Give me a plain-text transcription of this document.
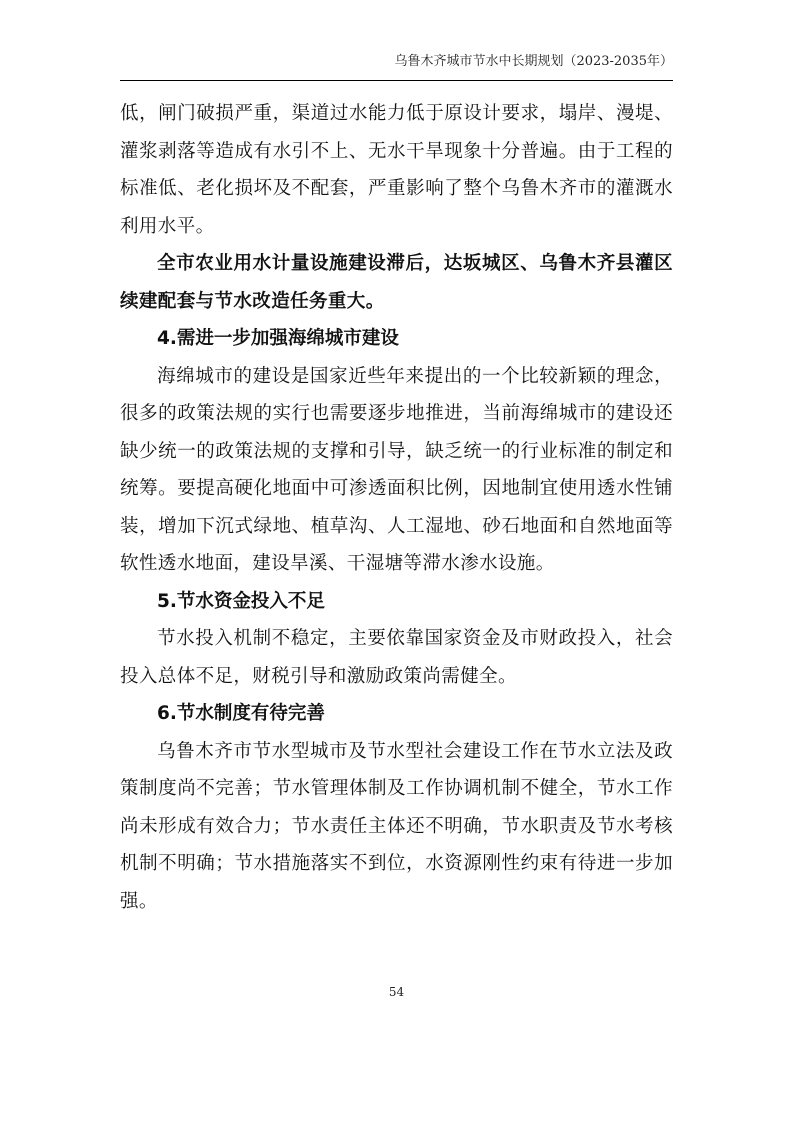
乌鲁木齐城市节水中长期规划（2023-2035年）

低，闸门破损严重，渠道过水能力低于原设计要求，塌岸、漫堤、灌浆剥落等造成有水引不上、无水干旱现象十分普遍。由于工程的标准低、老化损坏及不配套，严重影响了整个乌鲁木齐市的灌溉水利用水平。

全市农业用水计量设施建设滞后，达坂城区、乌鲁木齐县灌区续建配套与节水改造任务重大。

4.需进一步加强海绵城市建设

海绵城市的建设是国家近些年来提出的一个比较新颖的理念，很多的政策法规的实行也需要逐步地推进，当前海绵城市的建设还缺少统一的政策法规的支撑和引导，缺乏统一的行业标准的制定和统筹。要提高硬化地面中可渗透面积比例，因地制宜使用透水性铺装，增加下沉式绿地、植草沟、人工湿地、砂石地面和自然地面等软性透水地面，建设旱溪、干湿塘等滞水渗水设施。

5.节水资金投入不足

节水投入机制不稳定，主要依靠国家资金及市财政投入，社会投入总体不足，财税引导和激励政策尚需健全。

6.节水制度有待完善

乌鲁木齐市节水型城市及节水型社会建设工作在节水立法及政策制度尚不完善；节水管理体制及工作协调机制不健全，节水工作尚未形成有效合力；节水责任主体还不明确，节水职责及节水考核机制不明确；节水措施落实不到位，水资源刚性约束有待进一步加强。

54
